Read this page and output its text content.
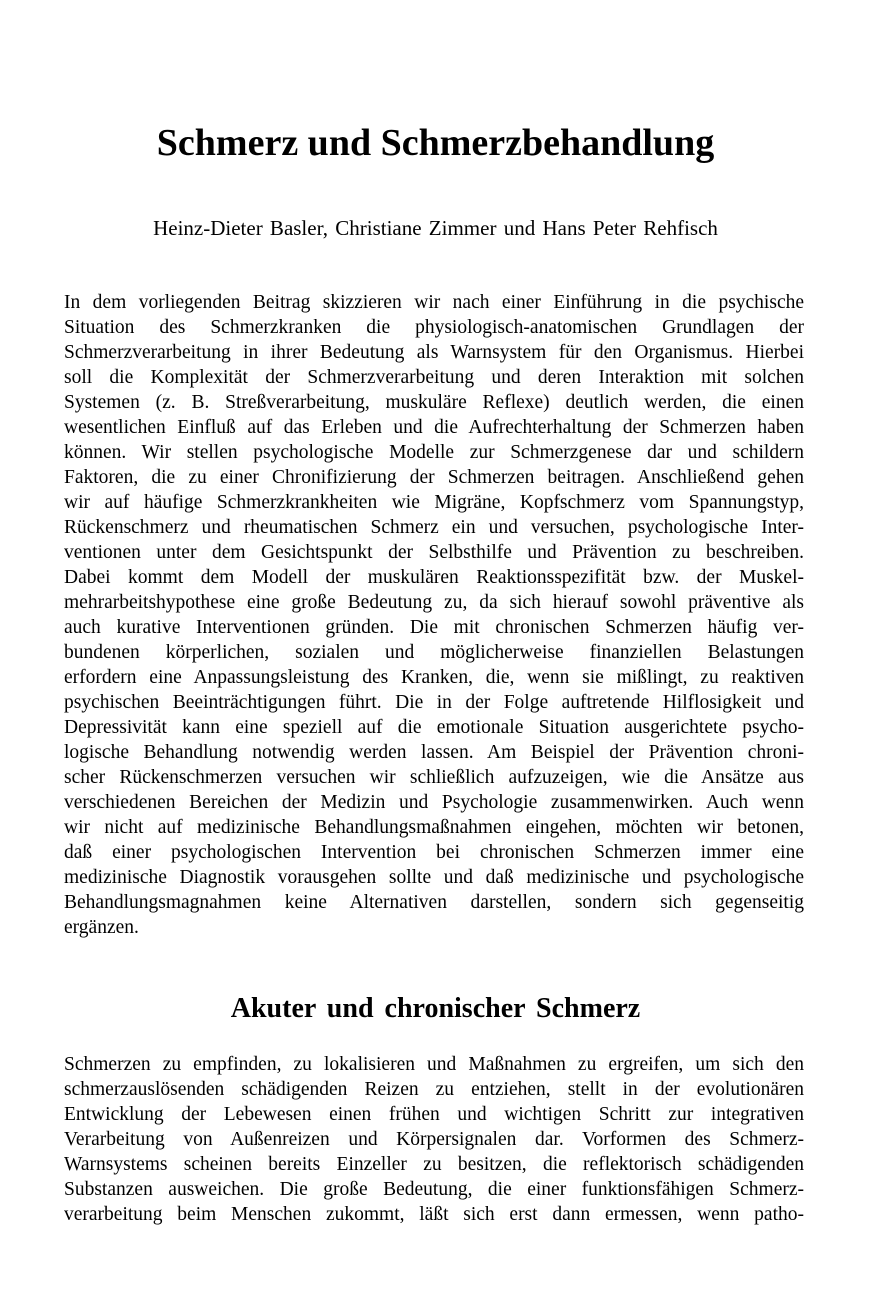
Schmerz und Schmerzbehandlung

Heinz-Dieter Basler, Christiane Zimmer und Hans Peter Rehfisch

In dem vorliegenden Beitrag skizzieren wir nach einer Einführung in die psychische
Situation des Schmerzkranken die physiologisch-anatomischen Grundlagen der
Schmerzverarbeitung in ihrer Bedeutung als Warnsystem für den Organismus. Hierbei
soll die Komplexität der Schmerzverarbeitung und deren Interaktion mit solchen
Systemen (z. B. Streßverarbeitung, muskuläre Reflexe) deutlich werden, die einen
wesentlichen Einfluß auf das Erleben und die Aufrechterhaltung der Schmerzen haben
können. Wir stellen psychologische Modelle zur Schmerzgenese dar und schildern
Faktoren, die zu einer Chronifizierung der Schmerzen beitragen. Anschließend gehen
wir auf häufige Schmerzkrankheiten wie Migräne, Kopfschmerz vom Spannungstyp,
Rückenschmerz und rheumatischen Schmerz ein und versuchen, psychologische Inter-
ventionen unter dem Gesichtspunkt der Selbsthilfe und Prävention zu beschreiben.
Dabei kommt dem Modell der muskulären Reaktionsspezifität bzw. der Muskel-
mehrarbeitshypothese eine große Bedeutung zu, da sich hierauf sowohl präventive als
auch kurative Interventionen gründen. Die mit chronischen Schmerzen häufig ver-
bundenen körperlichen, sozialen und möglicherweise finanziellen Belastungen
erfordern eine Anpassungsleistung des Kranken, die, wenn sie mißlingt, zu reaktiven
psychischen Beeinträchtigungen führt. Die in der Folge auftretende Hilflosigkeit und
Depressivität kann eine speziell auf die emotionale Situation ausgerichtete psycho-
logische Behandlung notwendig werden lassen. Am Beispiel der Prävention chroni-
scher Rückenschmerzen versuchen wir schließlich aufzuzeigen, wie die Ansätze aus
verschiedenen Bereichen der Medizin und Psychologie zusammenwirken. Auch wenn
wir nicht auf medizinische Behandlungsmaßnahmen eingehen, möchten wir betonen,
daß einer psychologischen Intervention bei chronischen Schmerzen immer eine
medizinische Diagnostik vorausgehen sollte und daß medizinische und psychologische
Behandlungsmagnahmen keine Alternativen darstellen, sondern sich gegenseitig
ergänzen.
Akuter und chronischer Schmerz
Schmerzen zu empfinden, zu lokalisieren und Maßnahmen zu ergreifen, um sich den
schmerzauslösenden schädigenden Reizen zu entziehen, stellt in der evolutionären
Entwicklung der Lebewesen einen frühen und wichtigen Schritt zur integrativen
Verarbeitung von Außenreizen und Körpersignalen dar. Vorformen des Schmerz-
Warnsystems scheinen bereits Einzeller zu besitzen, die reflektorisch schädigenden
Substanzen ausweichen. Die große Bedeutung, die einer funktionsfähigen Schmerz-
verarbeitung beim Menschen zukommt, läßt sich erst dann ermessen, wenn patho-
